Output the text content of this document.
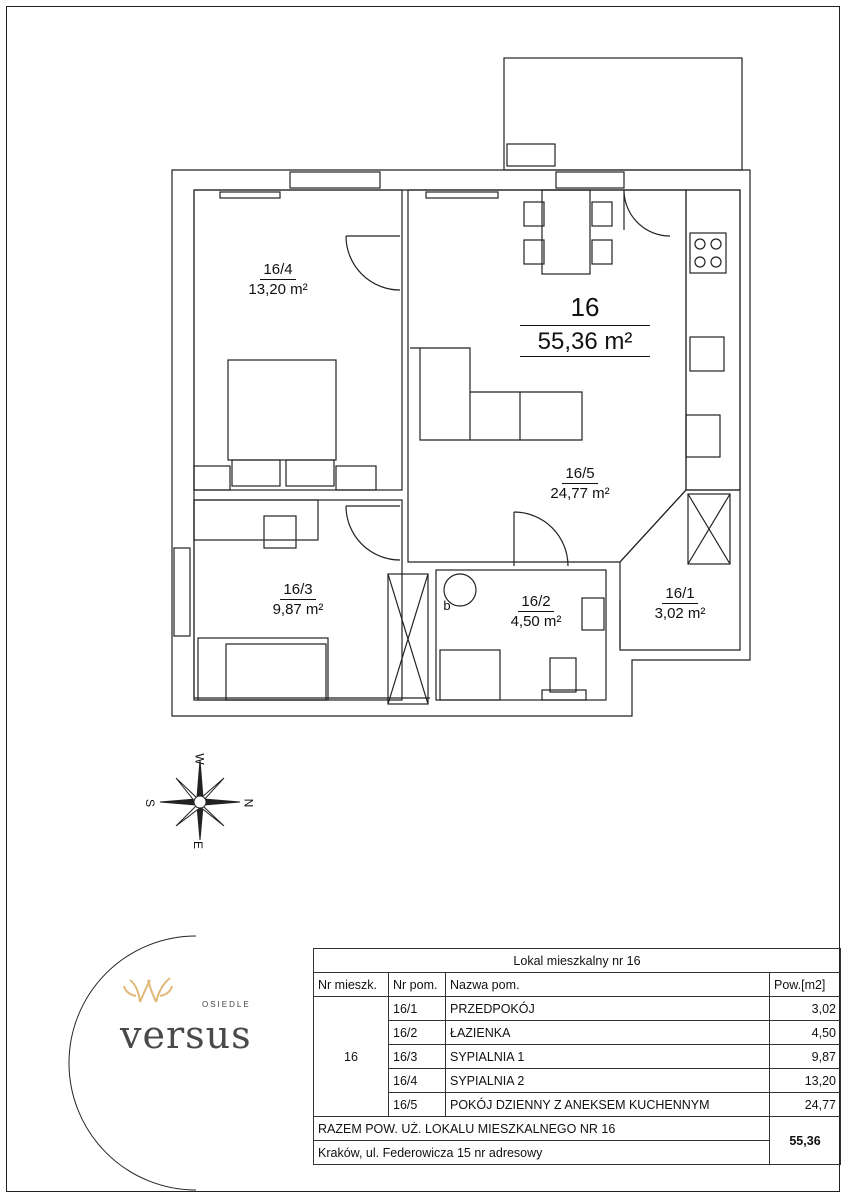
16/4
13,20 m²
16
55,36 m²
16/5
24,77 m²
16/3
9,87 m²	16/2
4,50 m²
16/1
3,02 m²
b
W
E
S	N
OSIEDLE
versus
Lokal mieszkalny nr 16			
Nr mieszk.	Nr pom.	Nazwa pom.	Pow.[m2]
16	16/1	PRZEDPOKÓJ	3,02
	16/2	ŁAZIENKA	4,50
	16/3	SYPIALNIA 1	9,87
	16/4	SYPIALNIA 2	13,20
	16/5	POKÓJ DZIENNY Z ANEKSEM KUCHENNYM	24,77
RAZEM POW. UŻ. LOKALU MIESZKALNEGO NR 16			55,36
Kraków, ul. Federowicza 15 nr adresowy			
